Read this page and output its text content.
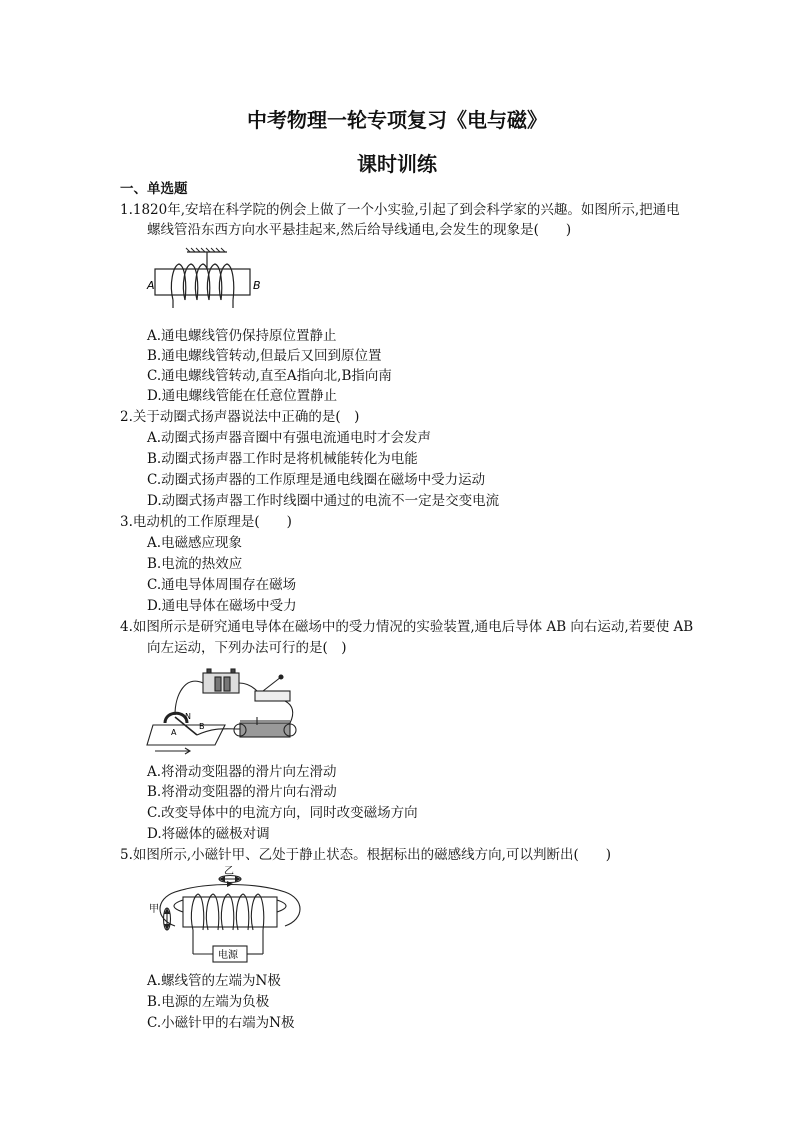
中考物理一轮专项复习《电与磁》
课时训练

一、单选题

1.1820年,安培在科学院的例会上做了一个小实验,引起了到会科学家的兴趣。如图所示,把通电

螺线管沿东西方向水平悬挂起来,然后给导线通电,会发生的现象是(　　)

A	B

A.通电螺线管仍保持原位置静止

B.通电螺线管转动,但最后又回到原位置

C.通电螺线管转动,直至A指向北,B指向南

D.通电螺线管能在任意位置静止

2.关于动圈式扬声器说法中正确的是(　)

A.动圈式扬声器音圈中有强电流通电时才会发声

B.动圈式扬声器工作时是将机械能转化为电能

C.动圈式扬声器的工作原理是通电线圈在磁场中受力运动

D.动圈式扬声器工作时线圈中通过的电流不一定是交变电流

3.电动机的工作原理是(　　)

A.电磁感应现象

B.电流的热效应

C.通电导体周围存在磁场

D.通电导体在磁场中受力

4.如图所示是研究通电导体在磁场中的受力情况的实验装置,通电后导体 AB 向右运动,若要使 AB

向左运动，下列办法可行的是(　)

N
B
A

A.将滑动变阻器的滑片向左滑动

B.将滑动变阻器的滑片向右滑动

C.改变导体中的电流方向，同时改变磁场方向

D.将磁体的磁极对调

5.如图所示,小磁针甲、乙处于静止状态。根据标出的磁感线方向,可以判断出(　　)

乙
甲
电源

A.螺线管的左端为N极

B.电源的左端为负极

C.小磁针甲的右端为N极
